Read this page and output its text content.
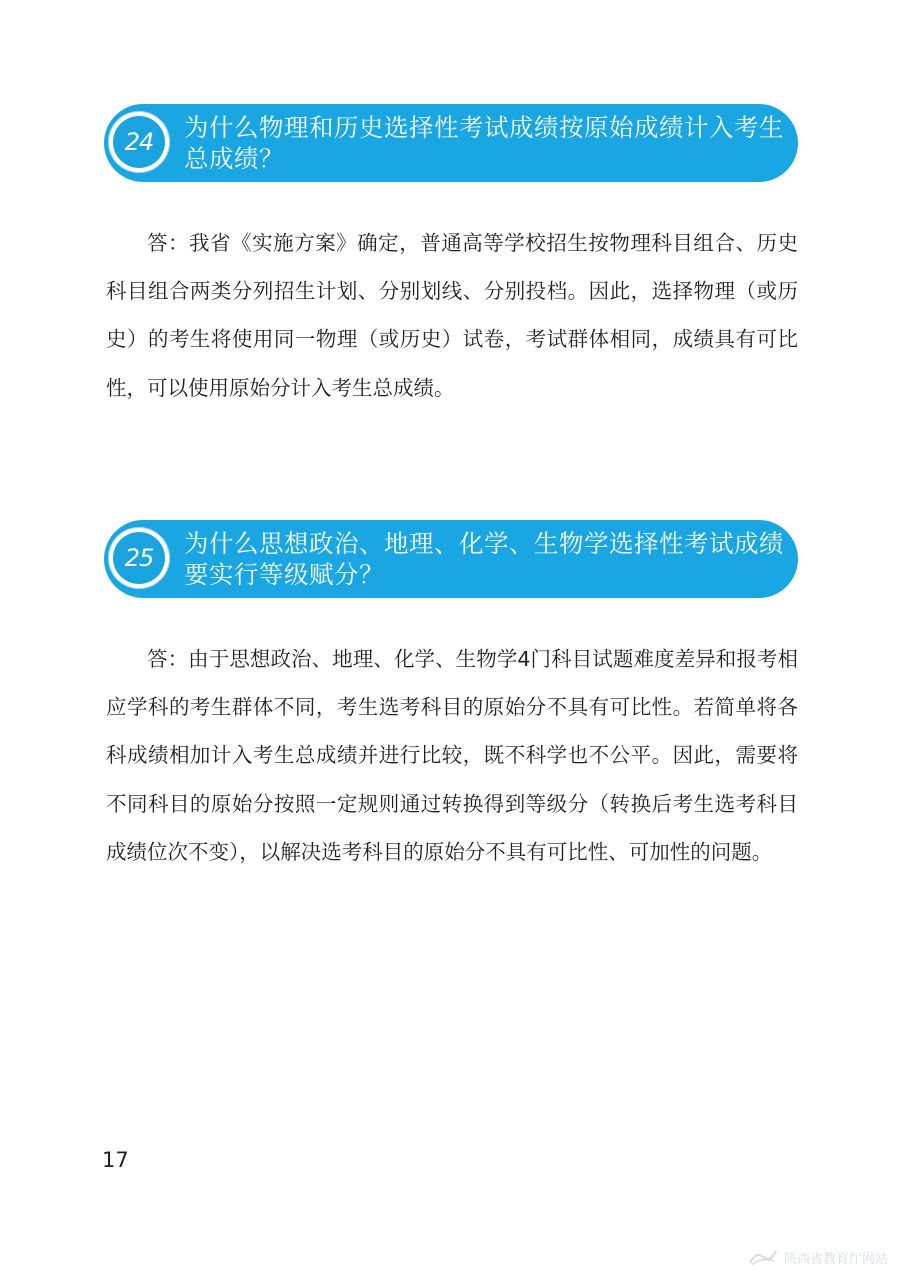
24	为什么物理和历史选择性考试成绩按原始成绩计入考生总成绩？

答：我省《实施方案》确定，普通高等学校招生按物理科目组合、历史科目组合两类分列招生计划、分别划线、分别投档。因此，选择物理（或历史）的考生将使用同一物理（或历史）试卷，考试群体相同，成绩具有可比性，可以使用原始分计入考生总成绩。

25	为什么思想政治、地理、化学、生物学选择性考试成绩要实行等级赋分？

答：由于思想政治、地理、化学、生物学4门科目试题难度差异和报考相应学科的考生群体不同，考生选考科目的原始分不具有可比性。若简单将各科成绩相加计入考生总成绩并进行比较，既不科学也不公平。因此，需要将不同科目的原始分按照一定规则通过转换得到等级分（转换后考生选考科目成绩位次不变），以解决选考科目的原始分不具有可比性、可加性的问题。

17
陕西省教育厅网站
